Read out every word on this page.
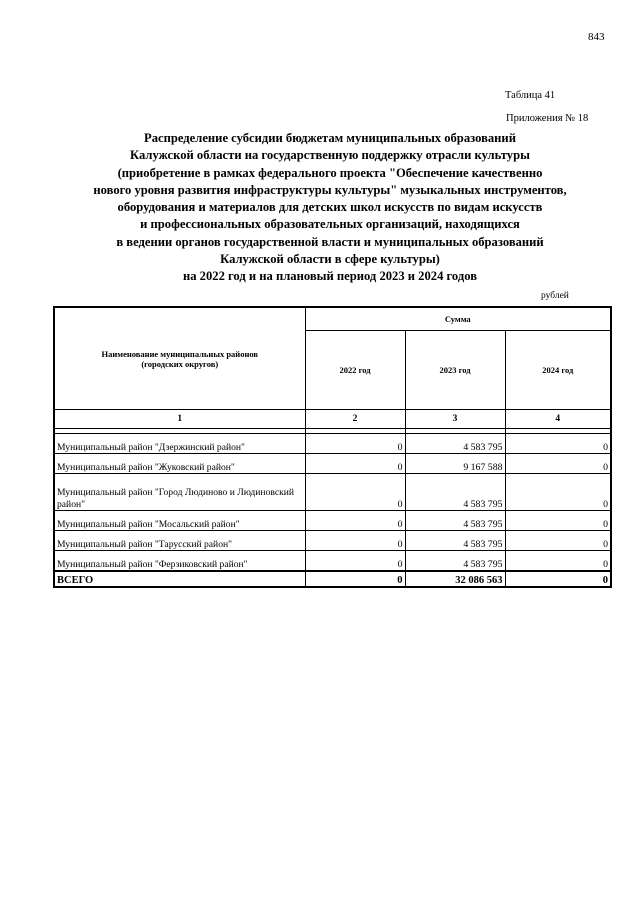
843
Таблица 41
Приложения № 18
Распределение субсидии бюджетам муниципальных образований
Калужской области на государственную поддержку отрасли культуры
(приобретение в рамках федерального проекта "Обеспечение качественно
нового уровня развития инфраструктуры культуры" музыкальных инструментов,
оборудования и материалов для детских школ искусств по видам искусств
и профессиональных образовательных организаций, находящихся
в ведении органов государственной власти и муниципальных образований
Калужской области в сфере культуры)
на 2022 год и на плановый период 2023 и 2024 годов
рублей
Наименование муниципальных районов
(городских округов)	Сумма		
	2022 год	2023 год	2024 год
1	2	3	4

Муниципальный район "Дзержинский район"	0	4 583 795	0
Муниципальный район "Жуковский район"	0	9 167 588	0
Муниципальный район "Город Людиново и Людиновский район"	0	4 583 795	0
Муниципальный район "Мосальский район"	0	4 583 795	0
Муниципальный район "Тарусский район"	0	4 583 795	0
Муниципальный район "Ферзиковский район"	0	4 583 795	0
ВСЕГО	0	32 086 563	0
